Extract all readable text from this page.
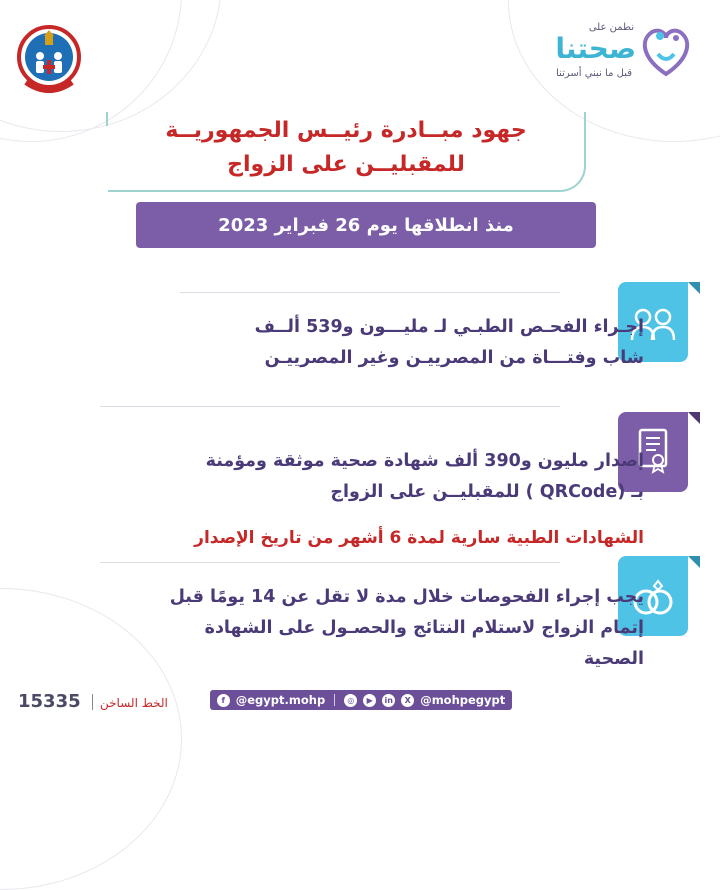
نطمن على
صحتنا
قبل ما نبني أسرتنا
جهود مبــادرة رئيــس الجمهوريــة
للمقبليــن على الزواج
منذ انطلاقها يوم 26 فبراير 2023
إجـراء الفحـص الطبـي لـ مليـــون و539 ألــف
شاب وفتـــاة من المصرييـن وغير المصرييـن
إصدار مليون و390 ألف شهادة صحية موثقة ومؤمنة
بـ (QRCode ) للمقبليــن على الزواج
الشهادات الطبية سارية لمدة 6 أشهر من تاريخ الإصدار
يجب إجراء الفحوصات خلال مدة لا تقل عن 14 يومًا قبل
إتمام الزواج لاستلام النتائج والحصـول على الشهادة
الصحية
15335 الخط الساخن	f @egypt.mohp	◎	▶	in	X @mohpegypt
